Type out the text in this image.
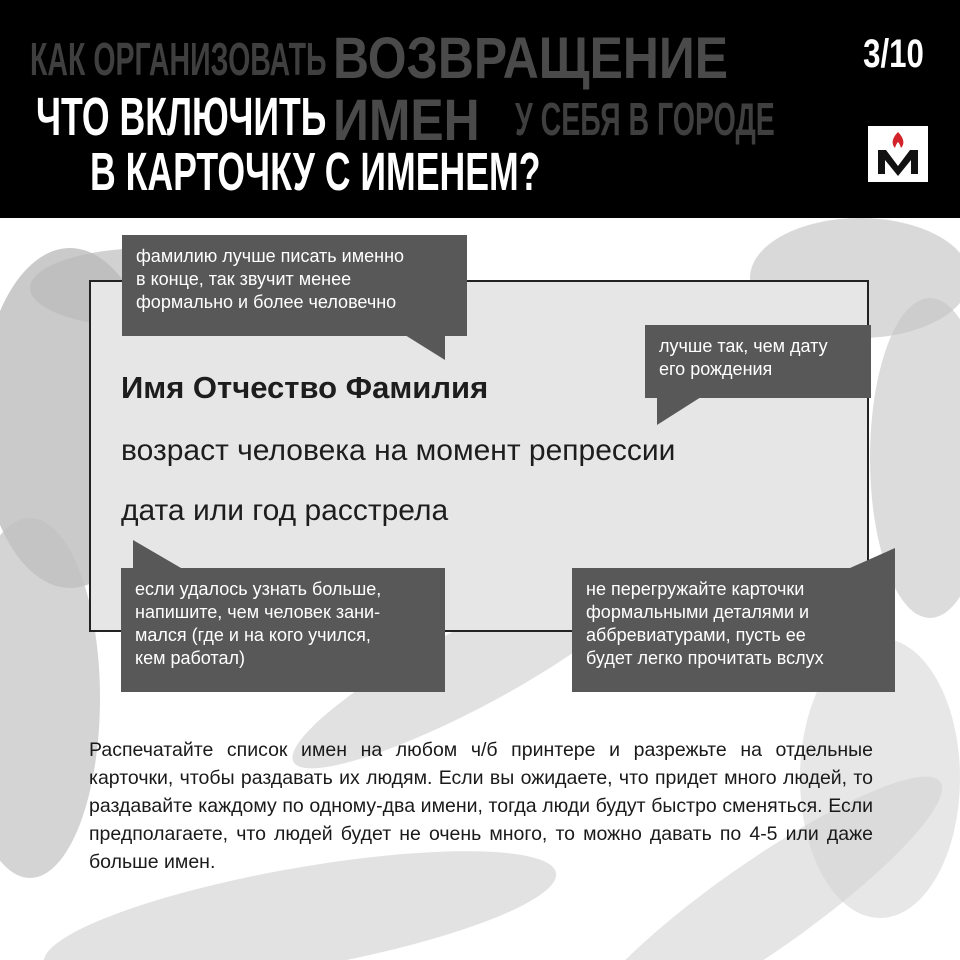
КАК ОРГАНИЗОВАТЬ ВОЗВРАЩЕНИЕ
ИМЕН У СЕБЯ В ГОРОДЕ
ЧТО ВКЛЮЧИТЬ
В КАРТОЧКУ С ИМЕНЕМ?
3/10
Имя Отчество Фамилия
возраст человека на момент репрессии
дата или год расстрела
фамилию лучше писать именно
в конце, так звучит менее
формально и более человечно
лучше так, чем дату
его рождения
если удалось узнать больше,
напишите, чем человек зани-
мался (где и на кого учился,
кем работал)
не перегружайте карточки
формальными деталями и
аббревиатурами, пусть ее
будет легко прочитать вслух
Распечатайте список имен на любом ч/б принтере и разрежьте на отдельные карточки, чтобы раздавать их людям. Если вы ожидаете, что придет много людей, то раздавайте каждому по одному-два имени, тогда люди будут быстро сменяться. Если предполагаете, что людей будет не очень много, то можно давать по 4-5 или даже больше имен.
